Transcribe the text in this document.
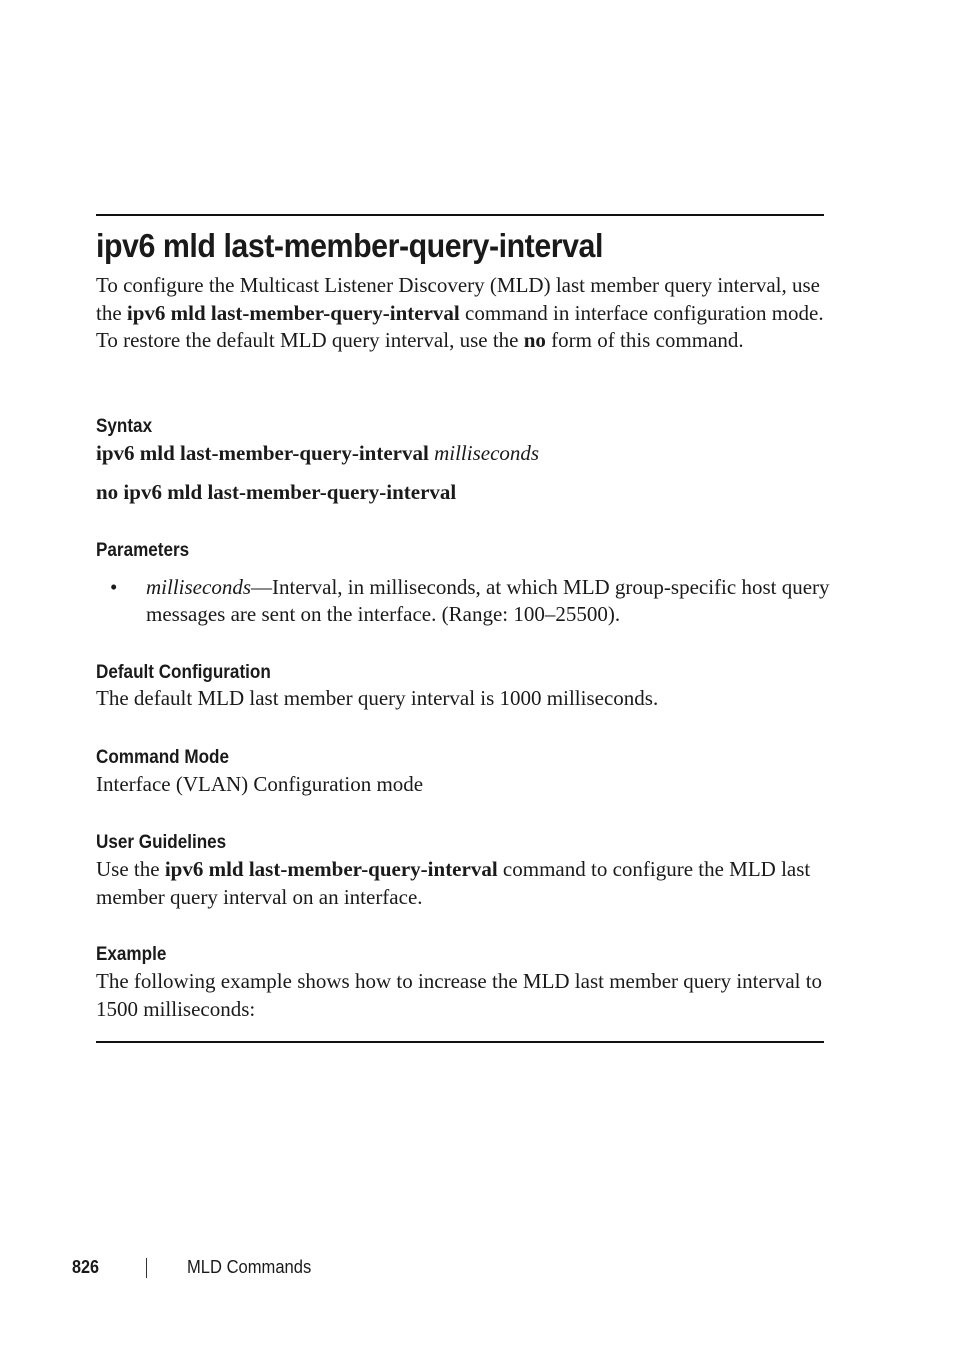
ipv6 mld last-member-query-interval

To configure the Multicast Listener Discovery (MLD) last member query interval, use the ipv6 mld last-member-query-interval command in interface configuration mode. To restore the default MLD query interval, use the no form of this command.

Syntax

ipv6 mld last-member-query-interval milliseconds

no ipv6 mld last-member-query-interval

Parameters
• milliseconds—Interval, in milliseconds, at which MLD group-specific host query messages are sent on the interface. (Range: 100–25500).

Default Configuration

The default MLD last member query interval is 1000 milliseconds.

Command Mode

Interface (VLAN) Configuration mode

User Guidelines

Use the ipv6 mld last-member-query-interval command to configure the MLD last member query interval on an interface.

Example

The following example shows how to increase the MLD last member query interval to 1500 milliseconds:

826	MLD Commands
